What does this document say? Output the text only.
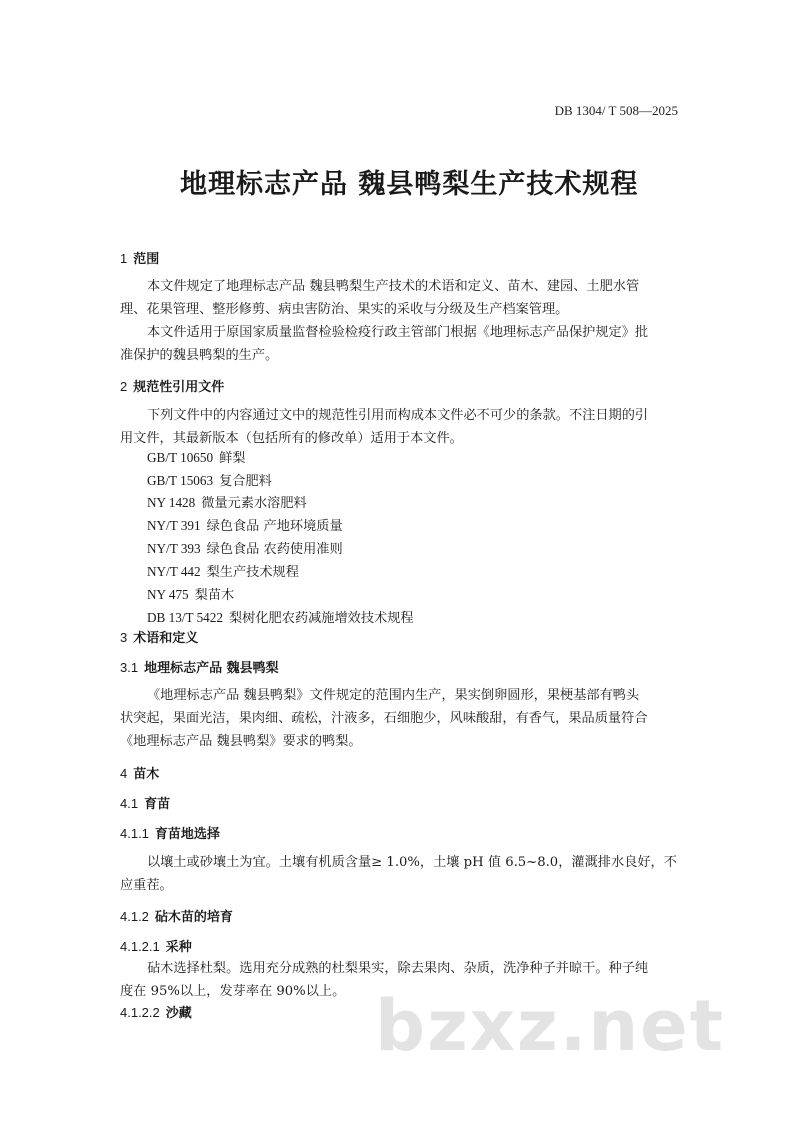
DB 1304/ T 508—2025
地理标志产品 魏县鸭梨生产技术规程
1 范围
本文件规定了地理标志产品 魏县鸭梨生产技术的术语和定义、苗木、建园、土肥水管
理、花果管理、整形修剪、病虫害防治、果实的采收与分级及生产档案管理。
本文件适用于原国家质量监督检验检疫行政主管部门根据《地理标志产品保护规定》批
准保护的魏县鸭梨的生产。
2 规范性引用文件
下列文件中的内容通过文中的规范性引用而构成本文件必不可少的条款。不注日期的引
用文件，其最新版本（包括所有的修改单）适用于本文件。
GB/T 10650 鲜梨
GB/T 15063 复合肥料
NY 1428 微量元素水溶肥料
NY/T 391 绿色食品 产地环境质量
NY/T 393 绿色食品 农药使用准则
NY/T 442 梨生产技术规程
NY 475 梨苗木
DB 13/T 5422 梨树化肥农药减施增效技术规程
3 术语和定义
3.1 地理标志产品 魏县鸭梨
《地理标志产品 魏县鸭梨》文件规定的范围内生产，果实倒卵圆形，果梗基部有鸭头
状突起，果面光洁，果肉细、疏松，汁液多，石细胞少，风味酸甜，有香气，果品质量符合
《地理标志产品 魏县鸭梨》要求的鸭梨。
4 苗木
4.1 育苗
4.1.1 育苗地选择
以壤土或砂壤土为宜。土壤有机质含量≥ 1.0%，土壤 pH 值 6.5~8.0，灌溉排水良好，不
应重茬。
4.1.2 砧木苗的培育
4.1.2.1 采种
砧木选择杜梨。选用充分成熟的杜梨果实，除去果肉、杂质，洗净种子并晾干。种子纯
度在 95%以上，发芽率在 90%以上。
4.1.2.2 沙藏	bzxz.net
